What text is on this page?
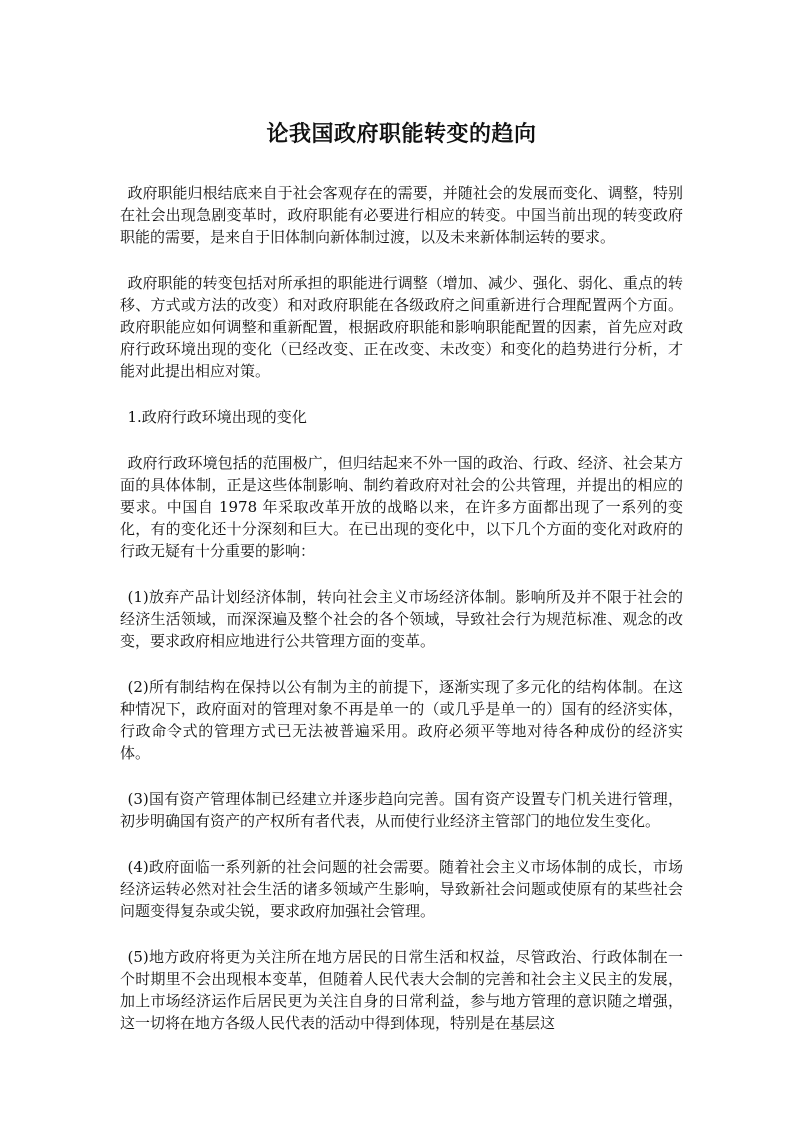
论我国政府职能转变的趋向

政府职能归根结底来自于社会客观存在的需要，并随社会的发展而变化、调整，特别在社会出现急剧变革时，政府职能有必要进行相应的转变。中国当前出现的转变政府职能的需要，是来自于旧体制向新体制过渡，以及未来新体制运转的要求。

政府职能的转变包括对所承担的职能进行调整（增加、减少、强化、弱化、重点的转移、方式或方法的改变）和对政府职能在各级政府之间重新进行合理配置两个方面。政府职能应如何调整和重新配置，根据政府职能和影响职能配置的因素，首先应对政府行政环境出现的变化（已经改变、正在改变、未改变）和变化的趋势进行分析，才能对此提出相应对策。

1.政府行政环境出现的变化

政府行政环境包括的范围极广，但归结起来不外一国的政治、行政、经济、社会某方面的具体体制，正是这些体制影响、制约着政府对社会的公共管理，并提出的相应的要求。中国自 1978 年采取改革开放的战略以来，在许多方面都出现了一系列的变化，有的变化还十分深刻和巨大。在已出现的变化中，以下几个方面的变化对政府的行政无疑有十分重要的影响：

(1)放弃产品计划经济体制，转向社会主义市场经济体制。影响所及并不限于社会的经济生活领域，而深深遍及整个社会的各个领域，导致社会行为规范标准、观念的改变，要求政府相应地进行公共管理方面的变革。

(2)所有制结构在保持以公有制为主的前提下，逐渐实现了多元化的结构体制。在这种情况下，政府面对的管理对象不再是单一的（或几乎是单一的）国有的经济实体，行政命令式的管理方式已无法被普遍采用。政府必须平等地对待各种成份的经济实体。

(3)国有资产管理体制已经建立并逐步趋向完善。国有资产设置专门机关进行管理，初步明确国有资产的产权所有者代表，从而使行业经济主管部门的地位发生变化。

(4)政府面临一系列新的社会问题的社会需要。随着社会主义市场体制的成长，市场经济运转必然对社会生活的诸多领域产生影响，导致新社会问题或使原有的某些社会问题变得复杂或尖锐，要求政府加强社会管理。

(5)地方政府将更为关注所在地方居民的日常生活和权益，尽管政治、行政体制在一个时期里不会出现根本变革，但随着人民代表大会制的完善和社会主义民主的发展，加上市场经济运作后居民更为关注自身的日常利益，参与地方管理的意识随之增强，这一切将在地方各级人民代表的活动中得到体现，特别是在基层这
